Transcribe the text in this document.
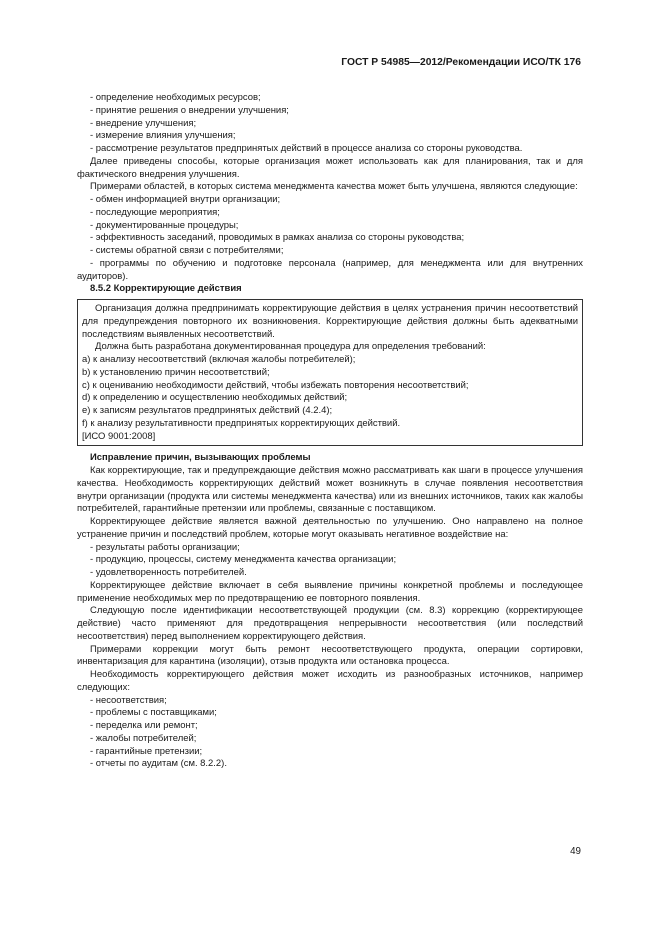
ГОСТ Р 54985—2012/Рекомендации ИСО/ТК 176

- определение необходимых ресурсов;

- принятие решения о внедрении улучшения;

- внедрение улучшения;

- измерение влияния улучшения;

- рассмотрение результатов предпринятых действий в процессе анализа со стороны руководства.

Далее приведены способы, которые организация может использовать как для планирования, так и для фактического внедрения улучшения.

Примерами областей, в которых система менеджмента качества может быть улучшена, являются следующие:

- обмен информацией внутри организации;

- последующие мероприятия;

- документированные процедуры;

- эффективность заседаний, проводимых в рамках анализа со стороны руководства;

- системы обратной связи с потребителями;

- программы по обучению и подготовке персонала (например, для менеджмента или для внутренних аудиторов).

8.5.2 Корректирующие действия

Организация должна предпринимать корректирующие действия в целях устранения причин несоответствий для предупреждения повторного их возникновения. Корректирующие действия должны быть адекватными последствиям выявленных несоответствий.

Должна быть разработана документированная процедура для определения требований:

a) к анализу несоответствий (включая жалобы потребителей);

b) к установлению причин несоответствий;

c) к оцениванию необходимости действий, чтобы избежать повторения несоответствий;

d) к определению и осуществлению необходимых действий;

e) к записям результатов предпринятых действий (4.2.4);

f) к анализу результативности предпринятых корректирующих действий.

[ИСО 9001:2008]

Исправление причин, вызывающих проблемы

Как корректирующие, так и предупреждающие действия можно рассматривать как шаги в процессе улучшения качества. Необходимость корректирующих действий может возникнуть в случае появления несоответствия внутри организации (продукта или системы менеджмента качества) или из внешних источников, таких как жалобы потребителей, гарантийные претензии или проблемы, связанные с поставщиком.

Корректирующее действие является важной деятельностью по улучшению. Оно направлено на полное устранение причин и последствий проблем, которые могут оказывать негативное воздействие на:

- результаты работы организации;

- продукцию, процессы, систему менеджмента качества организации;

- удовлетворенность потребителей.

Корректирующее действие включает в себя выявление причины конкретной проблемы и последующее применение необходимых мер по предотвращению ее повторного появления.

Следующую после идентификации несоответствующей продукции (см. 8.3) коррекцию (корректирующее действие) часто применяют для предотвращения непрерывности несоответствия (или последствий несоответствия) перед выполнением корректирующего действия.

Примерами коррекции могут быть ремонт несоответствующего продукта, операции сортировки, инвентаризация для карантина (изоляции), отзыв продукта или остановка процесса.

Необходимость корректирующего действия может исходить из разнообразных источников, например следующих:

- несоответствия;

- проблемы с поставщиками;

- переделка или ремонт;

- жалобы потребителей;

- гарантийные претензии;

- отчеты по аудитам (см. 8.2.2).

49
